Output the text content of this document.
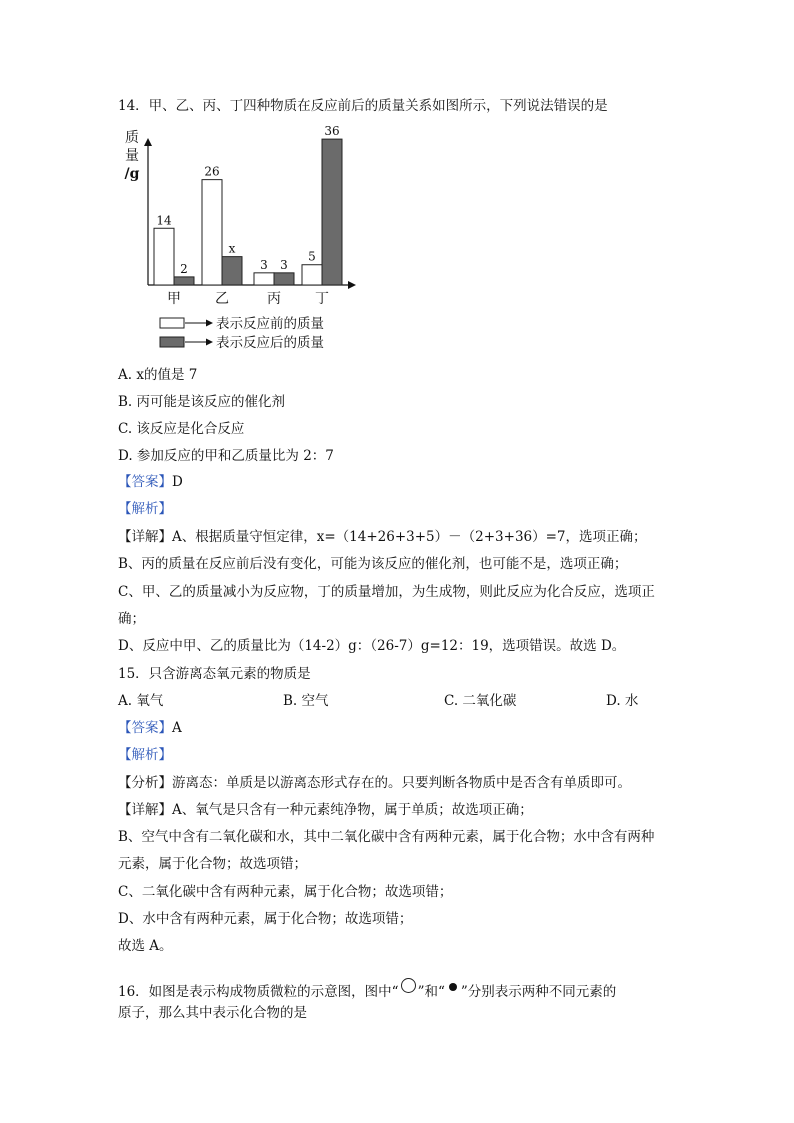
14．甲、乙、丙、丁四种物质在反应前后的质量关系如图所示，下列说法错误的是
质
量
/g
14
2
甲
26
x
乙
3 3
丙
5
36
丁
表示反应前的质量
表示反应后的质量
A. x的值是 7
B. 丙可能是该反应的催化剂
C. 该反应是化合反应
D. 参加反应的甲和乙质量比为 2：7
【答案】D
【解析】
【详解】A、根据质量守恒定律，x=（14+26+3+5）－（2+3+36）=7，选项正确；
B、丙的质量在反应前后没有变化，可能为该反应的催化剂，也可能不是，选项正确；
C、甲、乙的质量减小为反应物，丁的质量增加，为生成物，则此反应为化合反应，选项正
确；
D、反应中甲、乙的质量比为（14-2）g：（26-7）g=12：19，选项错误。故选 D。
15．只含游离态氧元素的物质是
A. 氧气	B. 空气	C. 二氧化碳	D. 水
【答案】A
【解析】
【分析】游离态：单质是以游离态形式存在的。只要判断各物质中是否含有单质即可。
【详解】A、氧气是只含有一种元素纯净物，属于单质；故选项正确；
B、空气中含有二氧化碳和水，其中二氧化碳中含有两种元素，属于化合物；水中含有两种
元素，属于化合物；故选项错；
C、二氧化碳中含有两种元素，属于化合物；故选项错；
D、水中含有两种元素，属于化合物；故选项错；
故选 A。
16．如图是表示构成物质微粒的示意图，图中“ ”和“ ”分别表示两种不同元素的
原子，那么其中表示化合物的是
